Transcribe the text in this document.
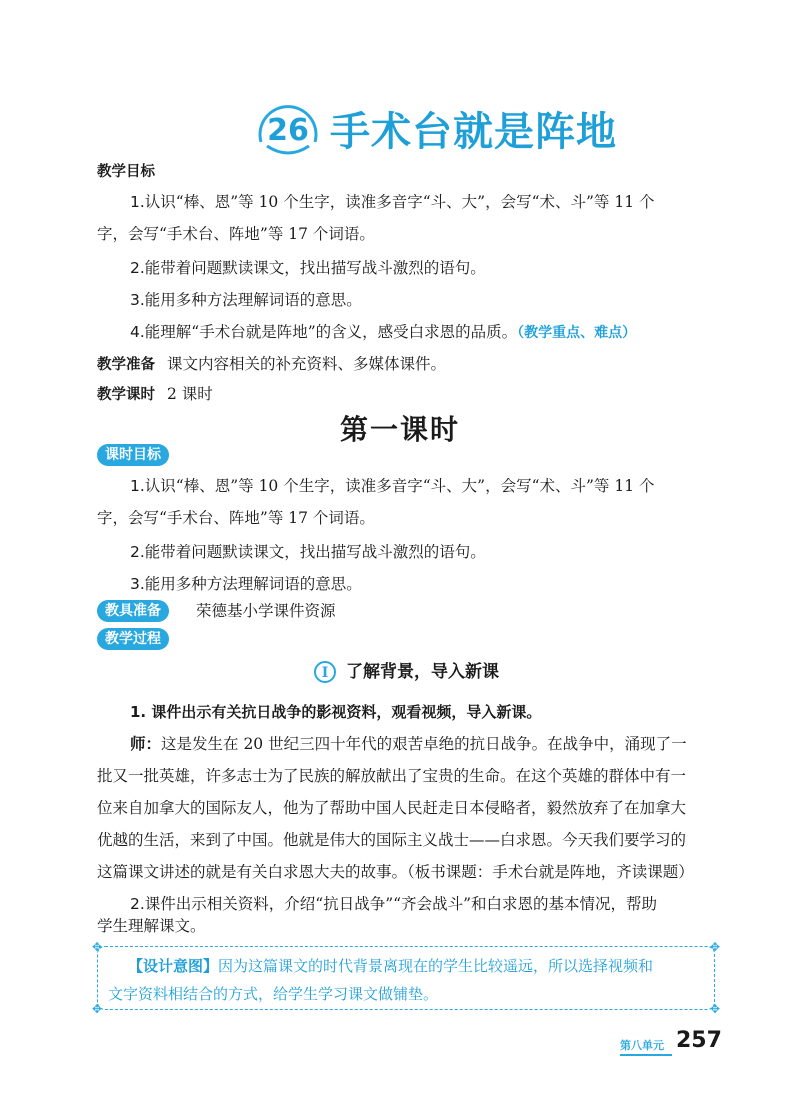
26 手术台就是阵地
教学目标
1.认识“棒、恩”等 10 个生字，读准多音字“斗、大”，会写“术、斗”等 11 个
字，会写“手术台、阵地”等 17 个词语。
2.能带着问题默读课文，找出描写战斗激烈的语句。
3.能用多种方法理解词语的意思。
4.能理解“手术台就是阵地”的含义，感受白求恩的品质。（教学重点、难点）
教学准备 课文内容相关的补充资料、多媒体课件。
教学课时 2 课时
第一课时
课时目标
1.认识“棒、恩”等 10 个生字，读准多音字“斗、大”，会写“术、斗”等 11 个
字，会写“手术台、阵地”等 17 个词语。
2.能带着问题默读课文，找出描写战斗激烈的语句。
3.能用多种方法理解词语的意思。
教具准备	荣德基小学课件资源
教学过程
I	了解背景，导入新课
1. 课件出示有关抗日战争的影视资料，观看视频，导入新课。
师：这是发生在 20 世纪三四十年代的艰苦卓绝的抗日战争。在战争中，涌现了一
批又一批英雄，许多志士为了民族的解放献出了宝贵的生命。在这个英雄的群体中有一
位来自加拿大的国际友人，他为了帮助中国人民赶走日本侵略者，毅然放弃了在加拿大
优越的生活，来到了中国。他就是伟大的国际主义战士——白求恩。今天我们要学习的
这篇课文讲述的就是有关白求恩大夫的故事。（板书课题：手术台就是阵地，齐读课题）
2.课件出示相关资料，介绍“抗日战争”“齐会战斗”和白求恩的基本情况，帮助
学生理解课文。
✥	✥
✥	✥
【设计意图】因为这篇课文的时代背景离现在的学生比较遥远，所以选择视频和
文字资料相结合的方式，给学生学习课文做铺垫。
第八单元 257
